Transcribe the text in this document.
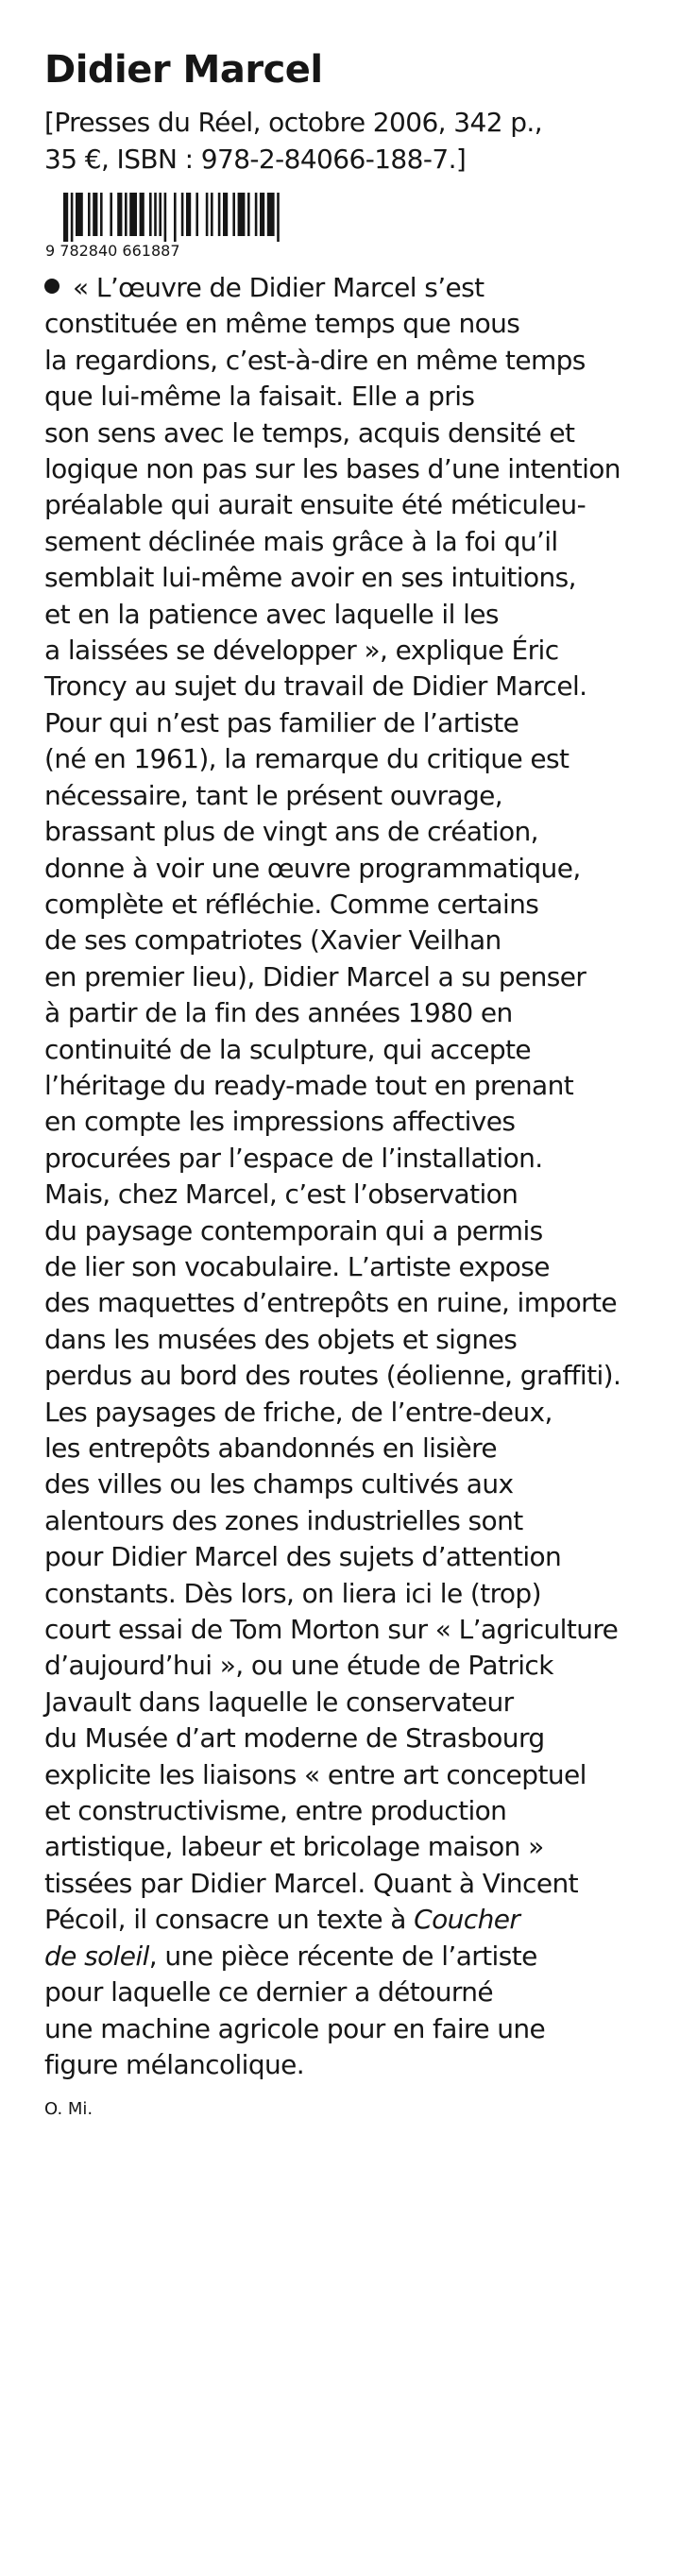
Didier Marcel
[Presses du Réel, octobre 2006, 342 p.,
35 €, ISBN : 978-2-84066-188-7.]
9 782840 661887
« L’œuvre de Didier Marcel s’est
constituée en même temps que nous
la regardions, c’est-à-dire en même temps
que lui-même la faisait. Elle a pris
son sens avec le temps, acquis densité et
logique non pas sur les bases d’une intention
préalable qui aurait ensuite été méticuleu-
sement déclinée mais grâce à la foi qu’il
semblait lui-même avoir en ses intuitions,
et en la patience avec laquelle il les
a laissées se développer », explique Éric
Troncy au sujet du travail de Didier Marcel.
Pour qui n’est pas familier de l’artiste
(né en 1961), la remarque du critique est
nécessaire, tant le présent ouvrage,
brassant plus de vingt ans de création,
donne à voir une œuvre programmatique,
complète et réfléchie. Comme certains
de ses compatriotes (Xavier Veilhan
en premier lieu), Didier Marcel a su penser
à partir de la fin des années 1980 en
continuité de la sculpture, qui accepte
l’héritage du ready-made tout en prenant
en compte les impressions affectives
procurées par l’espace de l’installation.
Mais, chez Marcel, c’est l’observation
du paysage contemporain qui a permis
de lier son vocabulaire. L’artiste expose
des maquettes d’entrepôts en ruine, importe
dans les musées des objets et signes
perdus au bord des routes (éolienne, graffiti).
Les paysages de friche, de l’entre-deux,
les entrepôts abandonnés en lisière
des villes ou les champs cultivés aux
alentours des zones industrielles sont
pour Didier Marcel des sujets d’attention
constants. Dès lors, on liera ici le (trop)
court essai de Tom Morton sur « L’agriculture
d’aujourd’hui », ou une étude de Patrick
Javault dans laquelle le conservateur
du Musée d’art moderne de Strasbourg
explicite les liaisons « entre art conceptuel
et constructivisme, entre production
artistique, labeur et bricolage maison »
tissées par Didier Marcel. Quant à Vincent
Pécoil, il consacre un texte à Coucher
de soleil, une pièce récente de l’artiste
pour laquelle ce dernier a détourné
une machine agricole pour en faire une
figure mélancolique.
O. Mi.
